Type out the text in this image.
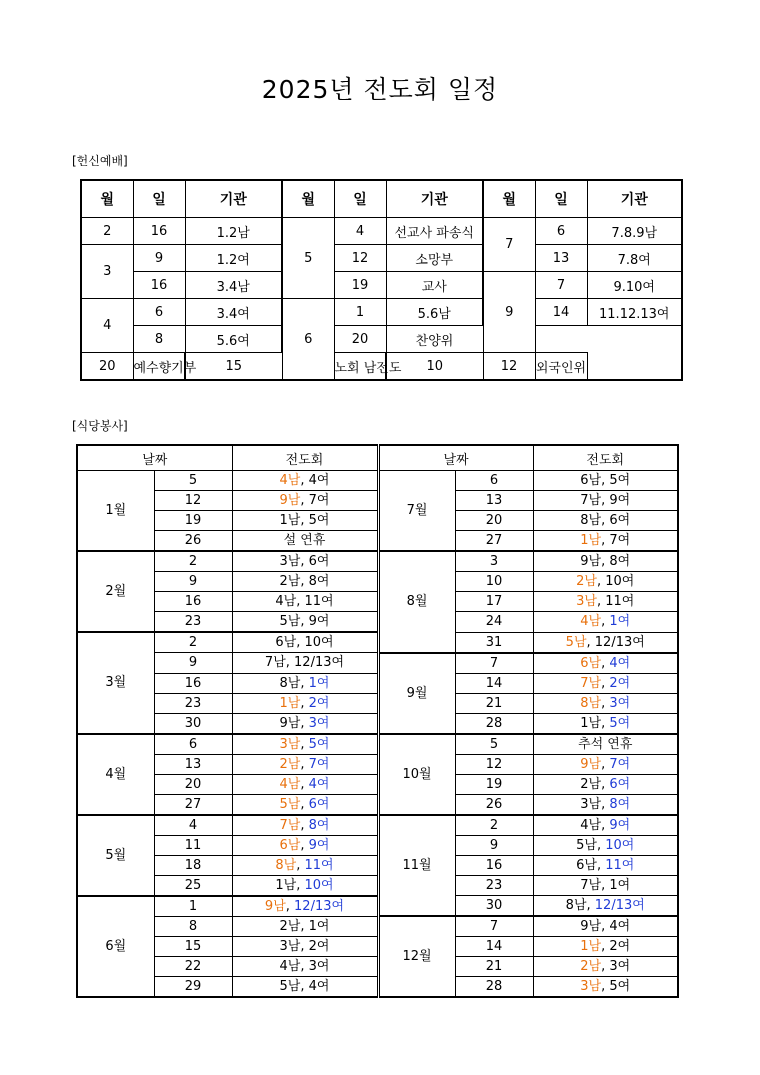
2025년 전도회 일정
[헌신예배]
월	일	기관	월	일	기관	월	일	기관
2	16	1.2남	5	4	선교사 파송식	7	6	7.8.9남
3	9	1.2여		12	소망부		13	7.8여
	16	3.4남		19	교사	9	7	9.10여
4	6	3.4여	6	1	5.6남		14	11.12.13여
	8	5.6여		20	찬양위			
20	예수향기부	15		노회 남전도	10	12	외국인위	
[식당봉사]
날짜		전도회	날짜		전도회
1월	5	4남, 4여	7월	6	6남, 5여
	12	9남, 7여		13	7남, 9여
	19	1남, 5여		20	8남, 6여
	26	설 연휴		27	1남, 7여
2월	2	3남, 6여	8월	3	9남, 8여
	9	2남, 8여		10	2남, 10여
	16	4남, 11여		17	3남, 11여
	23	5남, 9여		24	4남, 1여
3월	2	6남, 10여		31	5남, 12/13여
	9	7남, 12/13여	9월	7	6남, 4여
	16	8남, 1여		14	7남, 2여
	23	1남, 2여		21	8남, 3여
	30	9남, 3여		28	1남, 5여
4월	6	3남, 5여	10월	5	추석 연휴
	13	2남, 7여		12	9남, 7여
	20	4남, 4여		19	2남, 6여
	27	5남, 6여		26	3남, 8여
5월	4	7남, 8여	11월	2	4남, 9여
	11	6남, 9여		9	5남, 10여
	18	8남, 11여		16	6남, 11여
	25	1남, 10여		23	7남, 1여
6월	1	9남, 12/13여		30	8남, 12/13여
	8	2남, 1여	12월	7	9남, 4여
	15	3남, 2여		14	1남, 2여
	22	4남, 3여		21	2남, 3여
	29	5남, 4여		28	3남, 5여
